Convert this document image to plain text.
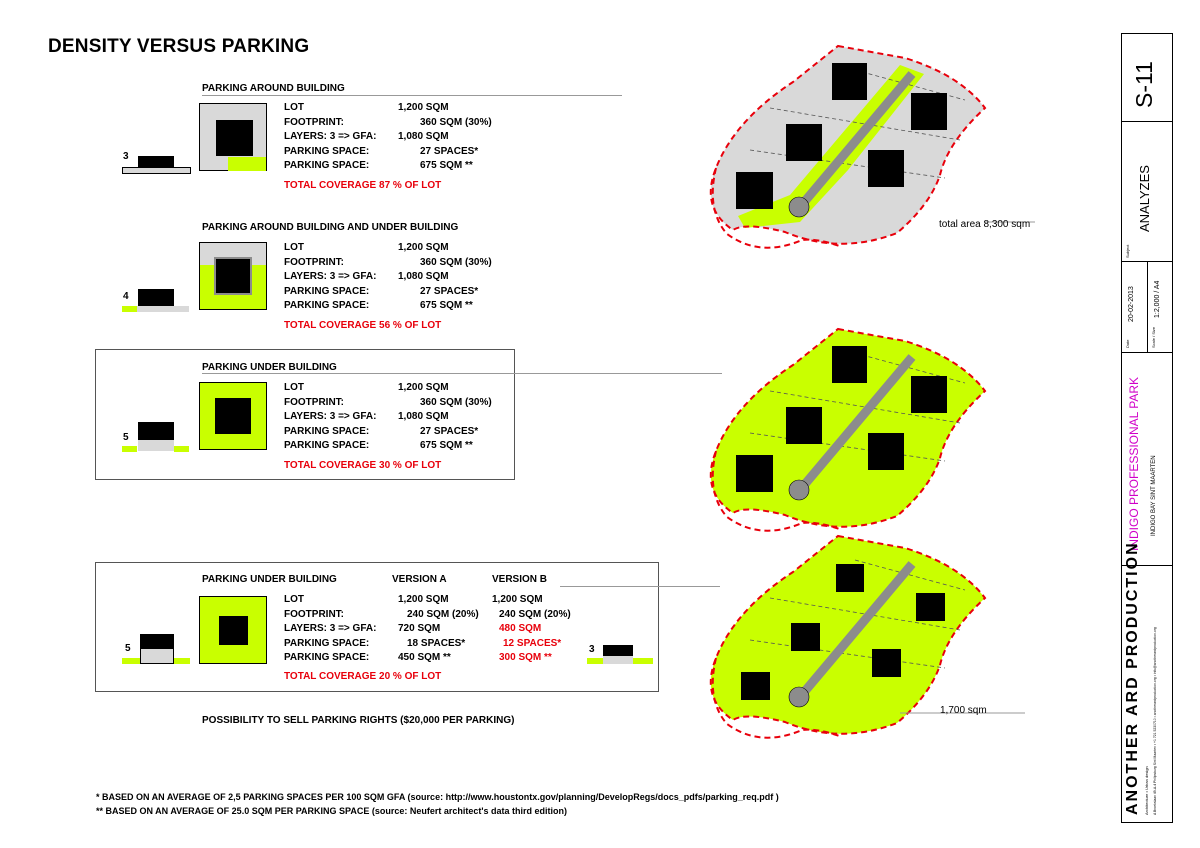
DENSITY VERSUS PARKING
PARKING AROUND BUILDING
3
LOT	1,200 SQM
FOOTPRINT:	360 SQM (30%)
LAYERS: 3 => GFA: 1,080 SQM
PARKING SPACE:	27 SPACES*
PARKING SPACE:	675 SQM **
TOTAL COVERAGE 87 % OF LOT
PARKING AROUND BUILDING AND UNDER BUILDING
4
LOT	1,200 SQM
FOOTPRINT:	360 SQM (30%)
LAYERS: 3 => GFA: 1,080 SQM
PARKING SPACE:	27 SPACES*
PARKING SPACE:	675 SQM **
TOTAL COVERAGE 56 % OF LOT
PARKING UNDER BUILDING
5
LOT	1,200 SQM
FOOTPRINT:	360 SQM (30%)
LAYERS: 3 => GFA: 1,080 SQM
PARKING SPACE:	27 SPACES*
PARKING SPACE:	675 SQM **
TOTAL COVERAGE 30 % OF LOT
PARKING UNDER BUILDING	VERSION A	VERSION B
5
LOT	1,200 SQM	1,200 SQM
FOOTPRINT:	240 SQM (20%) 240 SQM (20%)
LAYERS: 3 => GFA: 720 SQM	480 SQM
PARKING SPACE:	18 SPACES*	12 SPACES*
PARKING SPACE:	450 SQM **	300 SQM **
TOTAL COVERAGE 20 % OF LOT
3
POSSIBILITY TO SELL PARKING RIGHTS ($20,000 PER PARKING)
total area 8,300 sqm
1,700 sqm
* BASED ON AN AVERAGE OF 2,5 PARKING SPACES PER 100 SQM GFA (source: http://www.houstontx.gov/planning/DevelopRegs/docs_pdfs/parking_req.pdf )
** BASED ON AN AVERAGE OF 25.0 SQM PER PARKING SPACE (source: Neufert architect's data third edition)
S-11
ANALYZES
Subject
Date
20-02-2013
Scale / Size
1:2,000 / A4
INDIGO PROFESSIONAL PARK INDIGO BAY SINT MAARTEN
ANOTHER ARD PRODUCTION Architecture • Urban design A Broekslaan 49-A-4 Philipsburg Sint Maarten • +1 721 5230710 • anotherardproduction.org • info@anotherardproduction.org
